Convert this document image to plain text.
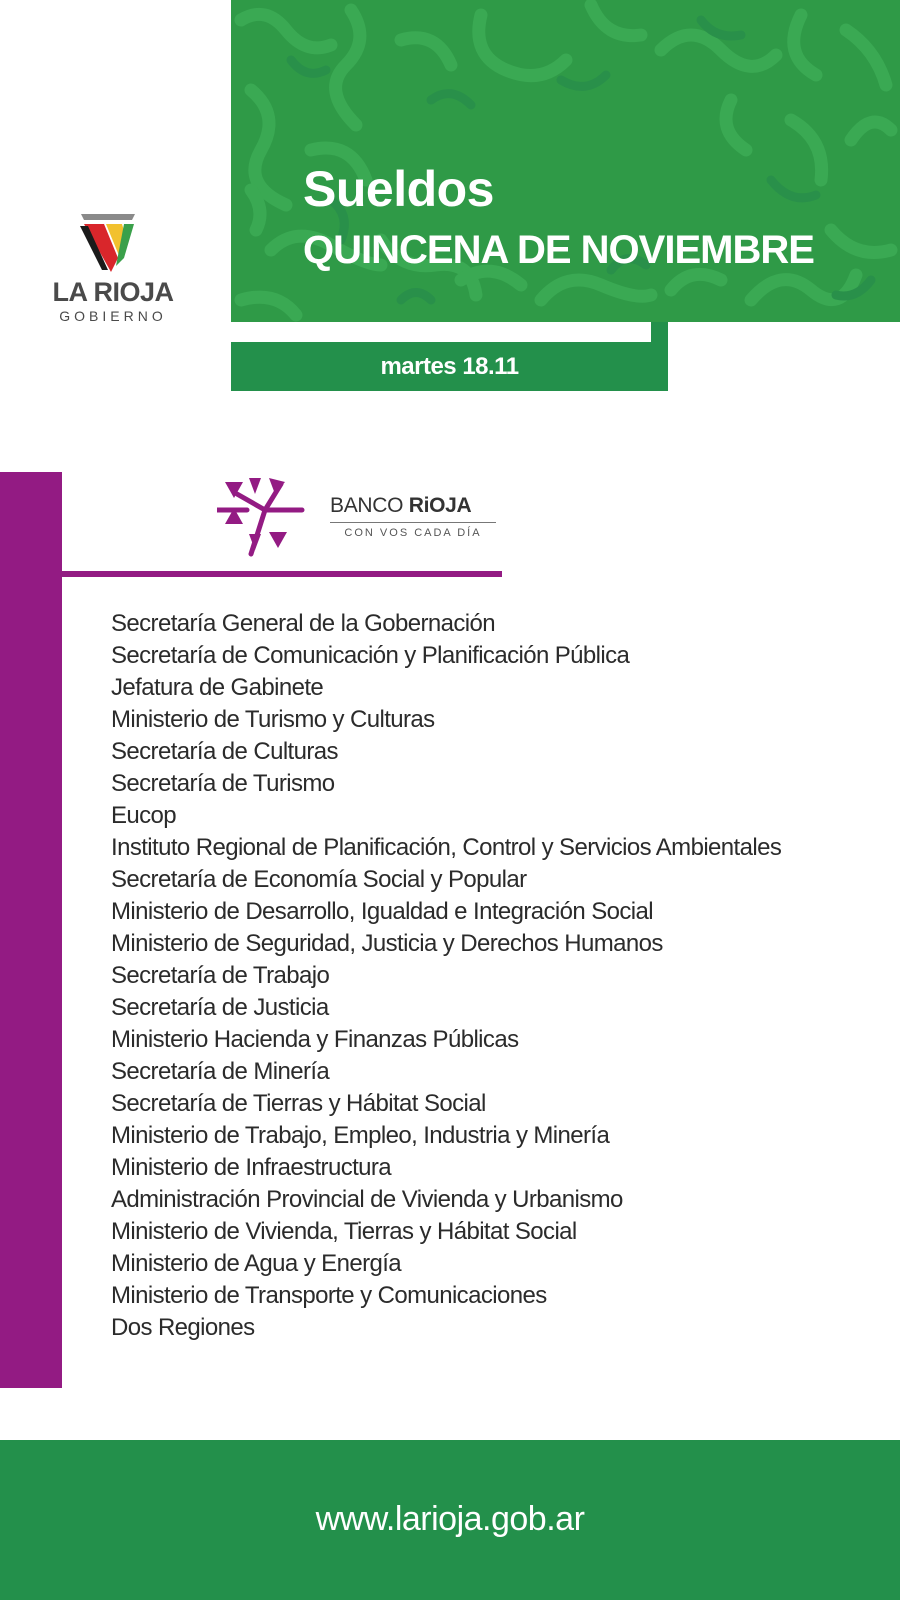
Sueldos
QUINCENA DE NOVIEMBRE
martes 18.11
LA RIOJA
GOBIERNO

BANCO RiOJA

CON VOS CADA DÍA

Secretaría General de la Gobernación
Secretaría de Comunicación y Planificación Pública
Jefatura de Gabinete
Ministerio de Turismo y Culturas
Secretaría de Culturas
Secretaría de Turismo
Eucop
Instituto Regional de Planificación, Control y Servicios Ambientales
Secretaría de Economía Social y Popular
Ministerio de Desarrollo, Igualdad e Integración Social
Ministerio de Seguridad, Justicia y Derechos Humanos
Secretaría de Trabajo
Secretaría de Justicia
Ministerio Hacienda y Finanzas Públicas
Secretaría de Minería
Secretaría de Tierras y Hábitat Social
Ministerio de Trabajo, Empleo, Industria y Minería
Ministerio de Infraestructura
Administración Provincial de Vivienda y Urbanismo
Ministerio de Vivienda, Tierras y Hábitat Social
Ministerio de Agua y Energía
Ministerio de Transporte y Comunicaciones
Dos Regiones
www.larioja.gob.ar
